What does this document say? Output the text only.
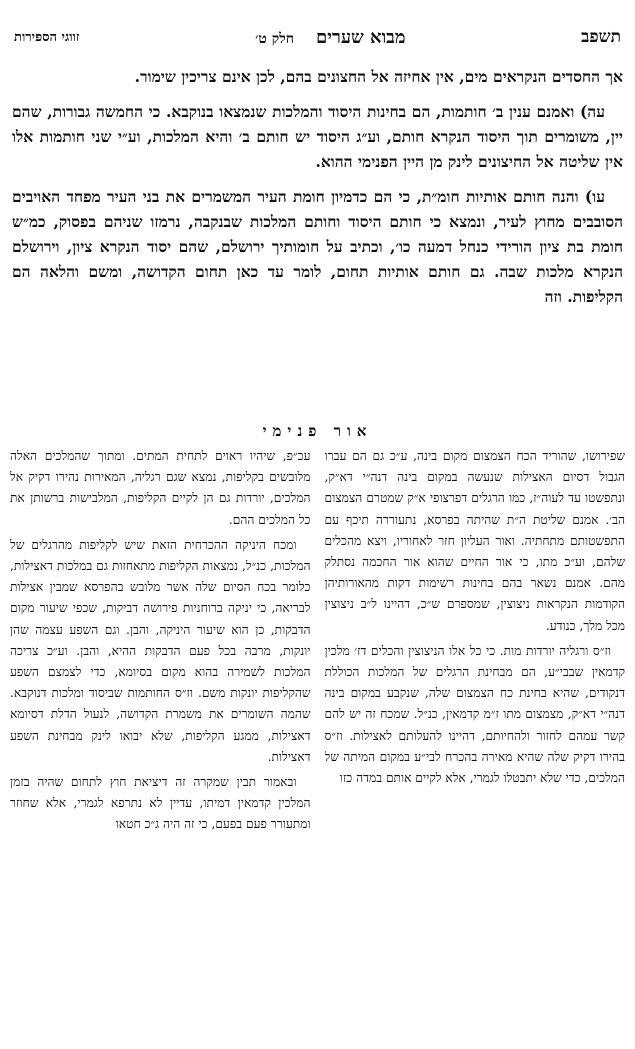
תשפב
מבוא שערים
חלק ט׳
זווגי הספירות

אך החסדים הנקראים מים, אין אחיזה אל החצונים בהם, לכן אינם צריכין שימור.

עה) ואמנם ענין ב׳ חותמות, הם בחינות היסוד והמלכות שנמצאו בנוקבא. כי החמשה גבורות, שהם יין, משומרים תוך היסוד הנקרא חותם, וע״ג היסוד יש חותם ב׳ והיא המלכות, וע״י שני חותמות אלו אין שליטה אל החיצונים לינק מן היין הפנימי ההוא.

עו) והנה חותם אותיות חומ״ת, כי הם כדמיון חומת העיר המשמרים את בני העיר מפחד האויבים הסובבים מחוץ לעיר, ונמצא כי חותם היסוד וחותם המלכות שבנקבה, נרמזו שניהם בפסוק, כמ״ש חומת בת ציון הורידי כנחל דמעה כו׳, וכתיב על חומותיך ירושלם, שהם יסוד הנקרא ציון, וירושלם הנקרא מלכות שבה. גם חותם אותיות תחום, לומר עד כאן תחום הקדושה, ומשם והלאה הם הקליפות. וזה

אור פנימי

שפירושו, שהוריד הכח הצמצום מקום בינה, ע״כ גם הם עברו הגבול דסיום האצילות שנעשה במקום בינה דנה״י דא״ק, ונתפשטו עד לעוה״ז, כמו הרגלים דפרצופי א״ק שמטרם הצמצום הב׳. אמנם שליטת ה״ת שהיתה בפרסא, נתעוררה תיכף עם התפשטותם מתחתיה. ואור העליון חזר לאחוריו, ויצא מהכלים שלהם, וע״כ מתו, כי אור החיים שהוא אור החכמה נסתלק מהם. אמנם נשאר בהם בחינות רשימות דקות מהאורותיהן הקודמות הנקראות ניצוצין, שמספרם ש״כ, דהיינו ל״ב ניצוצין מכל מלך, כנודע.

וז״ס ורגליה יורדות מות. כי כל אלו הניצוצין והכלים דז׳ מלכין קדמאין שבבי״ע, הם מבחינת הרגלים של המלכות הכוללת דנקודים, שהיא בחינת כח הצמצום שלה, שנקבע במקום בינה דנה״י דא״ק, מצמצום מתו ז״מ קדמאין, כנ״ל. שמכח זה יש להם קשר עמהם לחזור ולהחיותם, דהיינו להעלותם לאצילות. וז״ס בהירו דקיק שלה שהיא מאירה בהכרח לבי״ע במקום המיתה של המלכים, כדי שלא יתבטלו לגמרי, אלא לקיים אותם במדה כזו

עכ״פ, שיהיו ראוים לתחית המתים. ומתוך שהמלכים האלה מלובשים בקליפות, נמצא שגם רגליה, המאירות נהירו דקיק אל המלכים, יורדות גם הן לקיים הקליפות, המלבישות ברשותן את כל המלכים ההם.

ומכח היניקה ההכרחית הזאת שיש לקליפות מהרגלים של המלכות, כנ״ל, נמצאות הקליפות מתאחזות גם במלכות דאצילות, כלומר בכח הסיום שלה אשר מלובש בהפרסא שמבין אצילות לבריאה, כי יניקה ברוחניות פירושה דביקות, שכפי שיעור מקום הדבקות, כן הוא שיעור היניקה, והבן. וגם השפע עצמה שהן יונקות, מרבה בכל פעם הדבקות ההיא, והבן. וע״כ צריכה המלכות לשמירה בהוא מקום בסיומא, כדי לצמצם השפע שהקליפות יונקות משם. וז״ס החותמות שביסוד ומלכות דנוקבא. שהמה השומרים את משמרת הקדושה, לנעול הדלת דסיומא דאצילות, ממגע הקליפות, שלא יבואו לינק מבחינת השפע דאצילות.

ובאמור תבין שמקרה זה דיציאת חוץ לתחום שהיה בזמן המלכין קדמאין דמיתו, עדיין לא נתרפא לגמרי, אלא שחוזר ומתעורר פעם בפעם, כי זה היה ג״כ חטאו
